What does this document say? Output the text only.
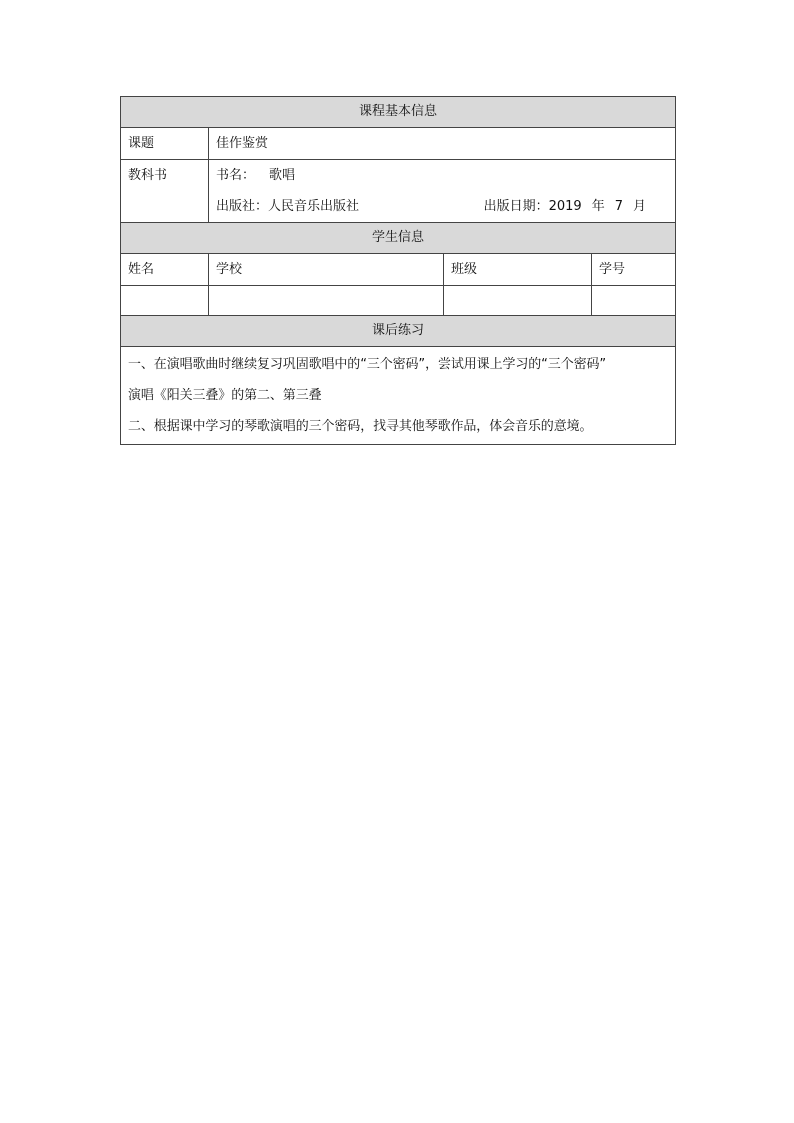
课程基本信息			
课题	佳作鉴赏		
教科书	书名： 歌唱
出版社： 人民音乐出版社 出版日期：2019 年 7 月		

学生信息			
姓名	学校	班级	学号

课后练习			

一、在演唱歌曲时继续复习巩固歌唱中的“三个密码”，尝试用课上学习的“三个密码”
演唱《阳关三叠》的第二、第三叠
二、根据课中学习的琴歌演唱的三个密码，找寻其他琴歌作品，体会音乐的意境。			
